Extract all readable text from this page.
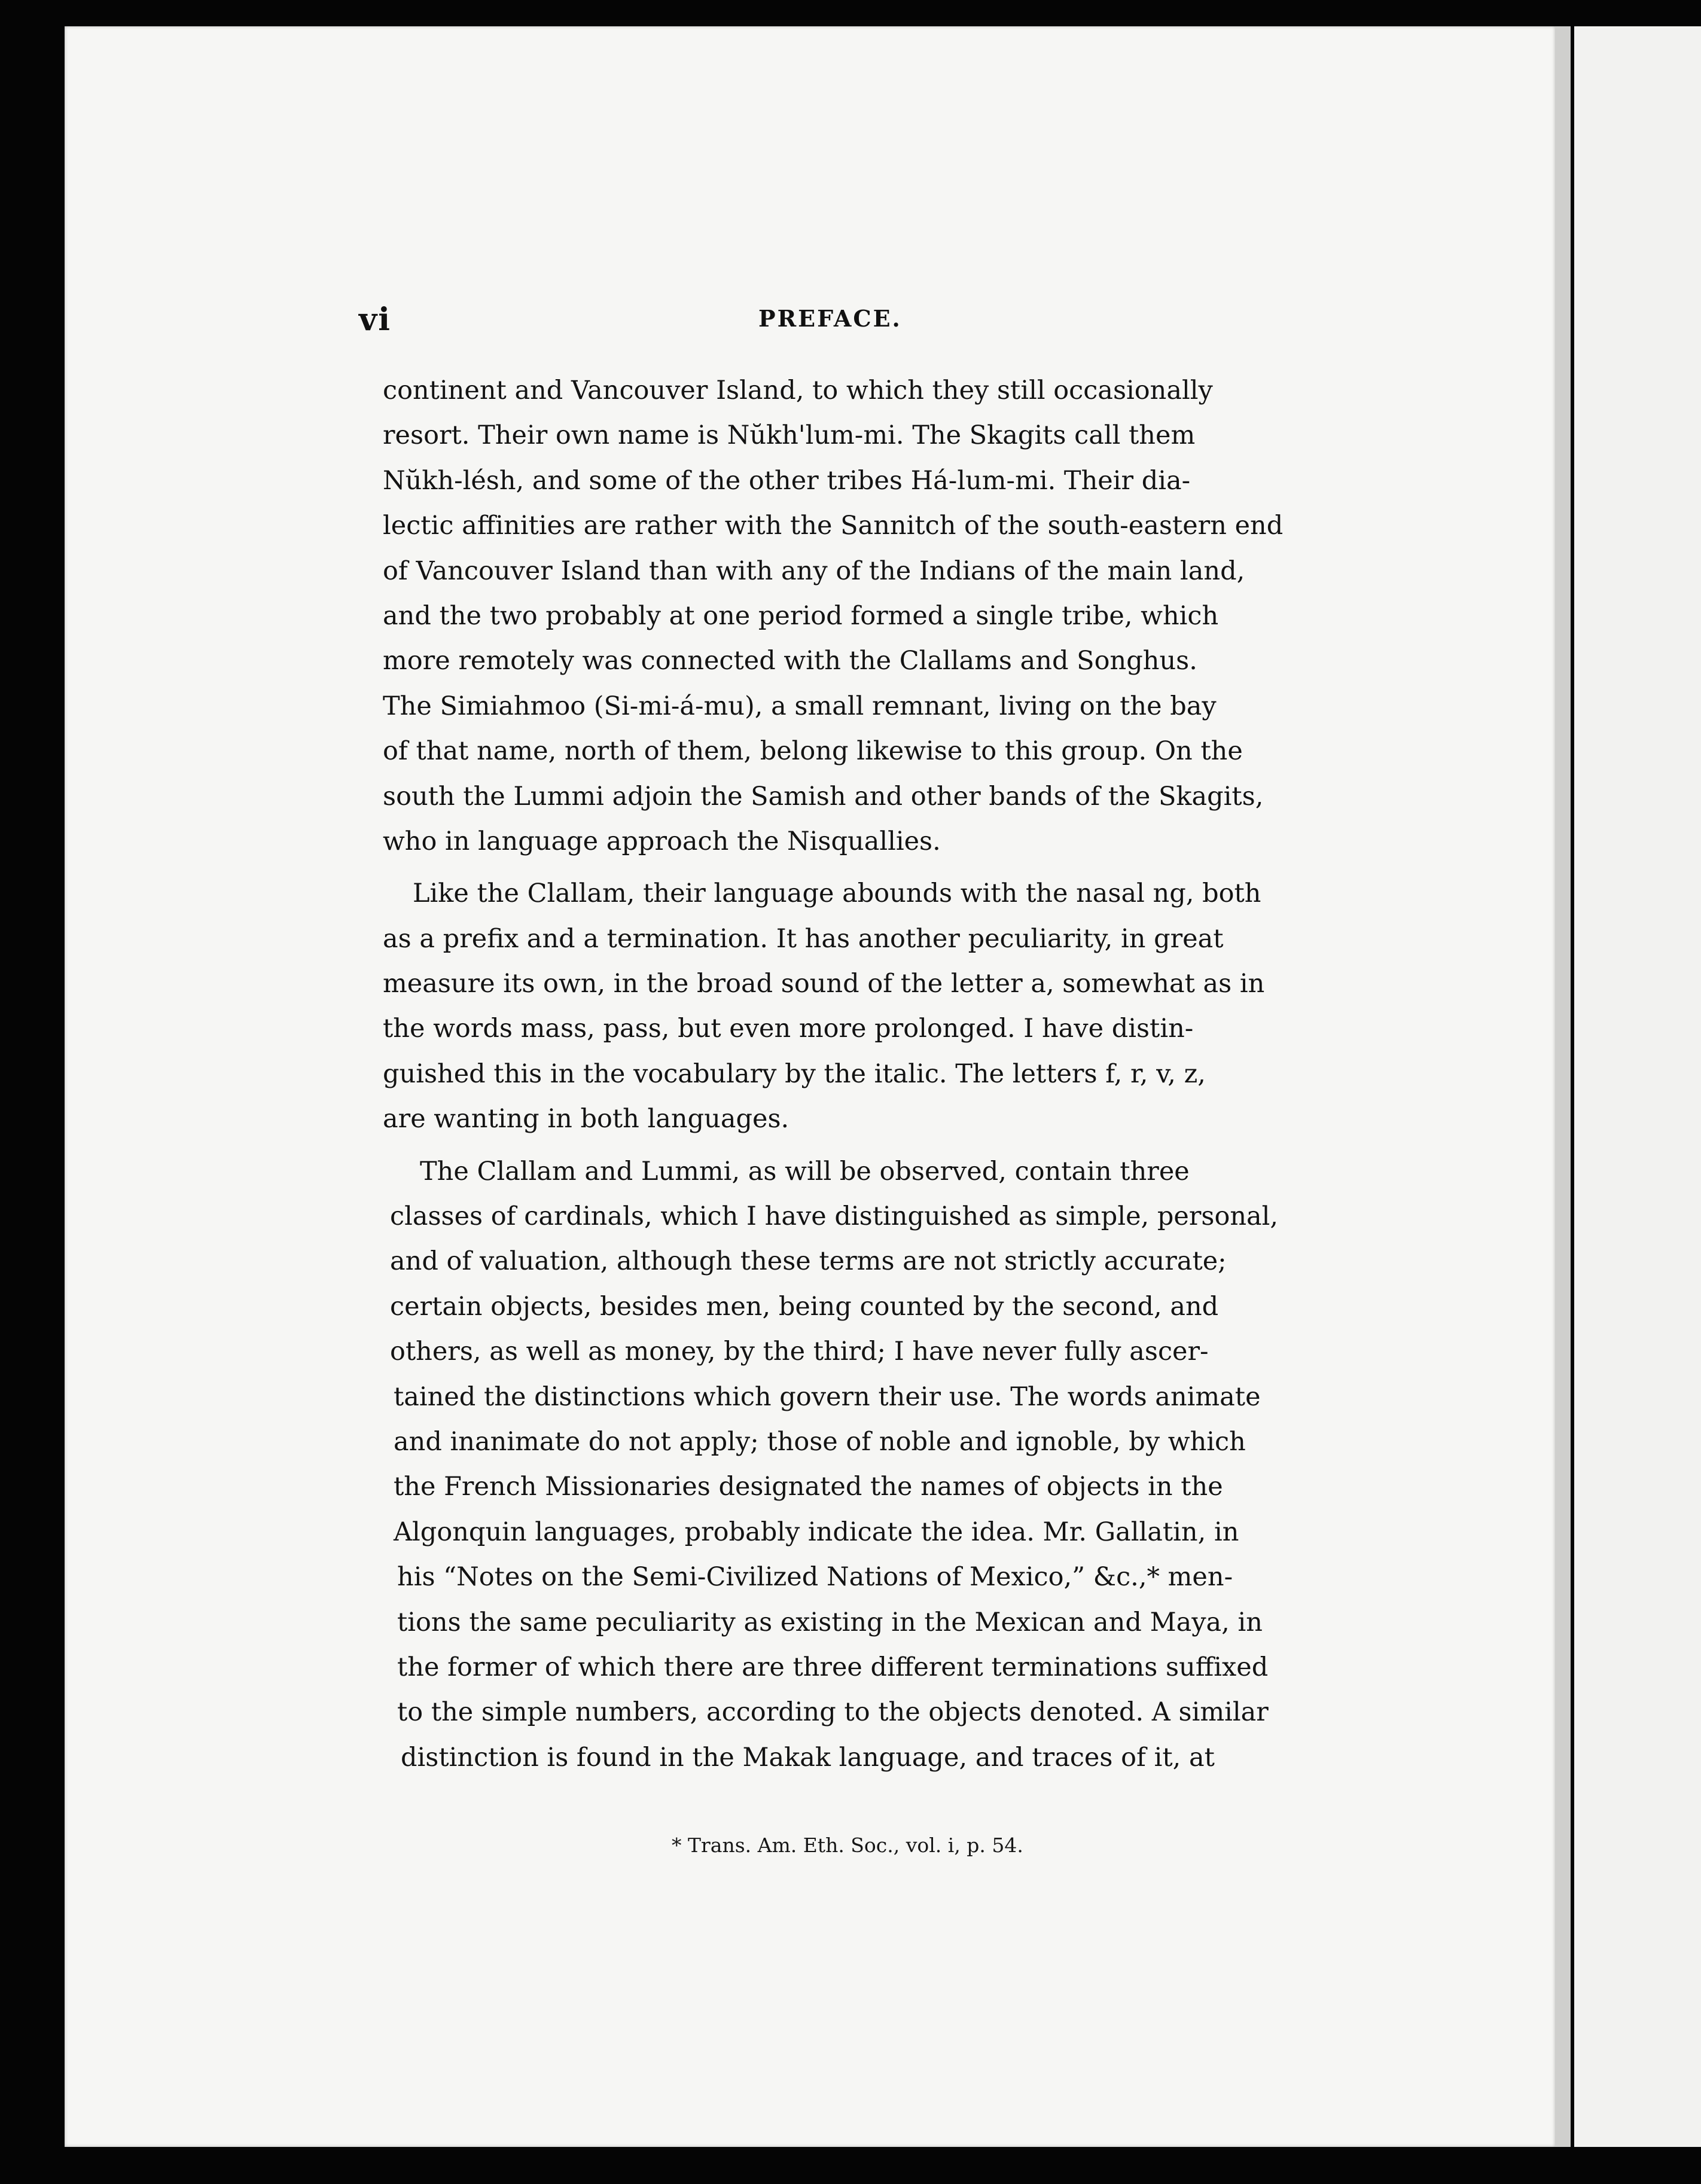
vi	PREFACE.
continent and Vancouver Island, to which they still occasionally
resort. Their own name is Nŭkh'lum-mi. The Skagits call them
Nŭkh-lésh, and some of the other tribes Há-lum-mi. Their dia-
lectic affinities are rather with the Sannitch of the south-eastern end
of Vancouver Island than with any of the Indians of the main land,
and the two probably at one period formed a single tribe, which
more remotely was connected with the Clallams and Songhus.
The Simiahmoo (Si-mi-á-mu), a small remnant, living on the bay
of that name, north of them, belong likewise to this group. On the
south the Lummi adjoin the Samish and other bands of the Skagits,
who in language approach the Nisquallies.
Like the Clallam, their language abounds with the nasal ng, both
as a prefix and a termination. It has another peculiarity, in great
measure its own, in the broad sound of the letter a, somewhat as in
the words mass, pass, but even more prolonged. I have distin-
guished this in the vocabulary by the italic. The letters f, r, v, z,
are wanting in both languages.
The Clallam and Lummi, as will be observed, contain three
classes of cardinals, which I have distinguished as simple, personal,
and of valuation, although these terms are not strictly accurate;
certain objects, besides men, being counted by the second, and
others, as well as money, by the third; I have never fully ascer-
tained the distinctions which govern their use. The words animate
and inanimate do not apply; those of noble and ignoble, by which
the French Missionaries designated the names of objects in the
Algonquin languages, probably indicate the idea. Mr. Gallatin, in
his “Notes on the Semi-Civilized Nations of Mexico,” &c.,* men-
tions the same peculiarity as existing in the Mexican and Maya, in
the former of which there are three different terminations suffixed
to the simple numbers, according to the objects denoted. A similar
distinction is found in the Makak language, and traces of it, at
* Trans. Am. Eth. Soc., vol. i, p. 54.
